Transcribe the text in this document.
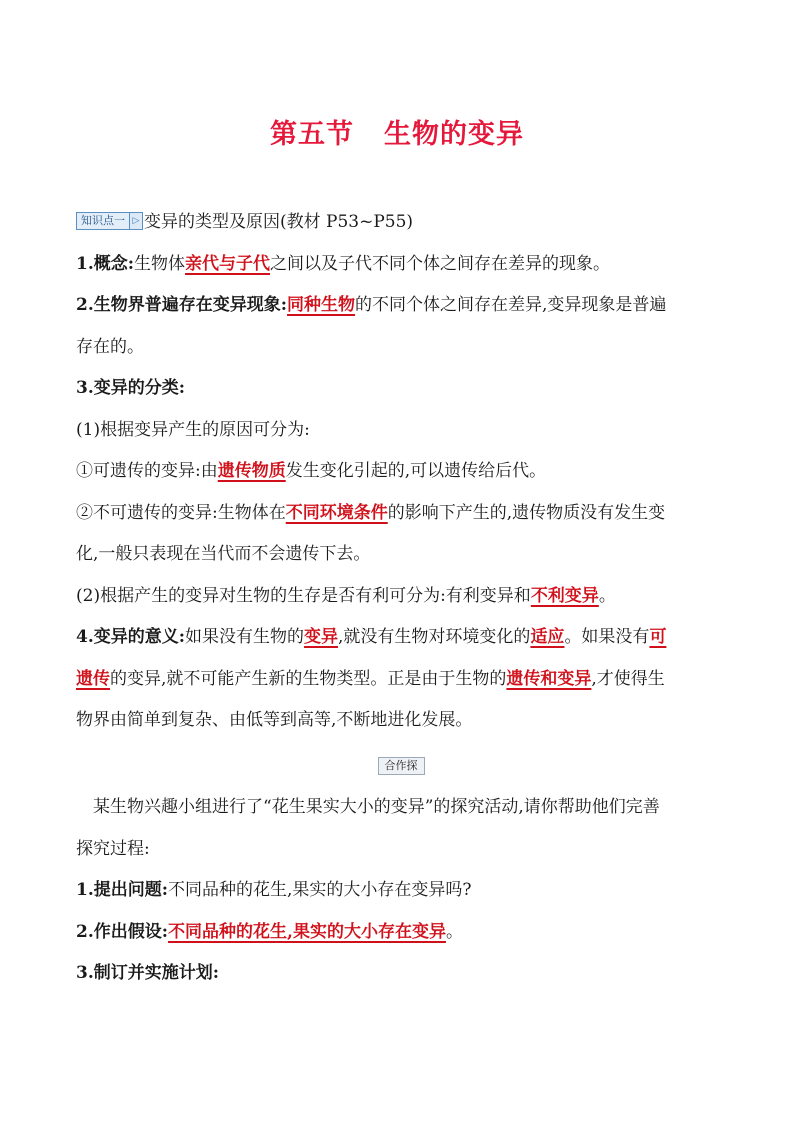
第五节 生物的变异
知识点一 ▷ 变异的类型及原因(教材 P53~P55)
1.概念:生物体亲代与子代之间以及子代不同个体之间存在差异的现象。
2.生物界普遍存在变异现象:同种生物的不同个体之间存在差异,变异现象是普遍
存在的。
3.变异的分类:
(1)根据变异产生的原因可分为:
①可遗传的变异:由遗传物质发生变化引起的,可以遗传给后代。
②不可遗传的变异:生物体在不同环境条件的影响下产生的,遗传物质没有发生变
化,一般只表现在当代而不会遗传下去。
(2)根据产生的变异对生物的生存是否有利可分为:有利变异和不利变异。
4.变异的意义:如果没有生物的变异,就没有生物对环境变化的适应。如果没有可
遗传的变异,就不可能产生新的生物类型。正是由于生物的遗传和变异,才使得生
物界由简单到复杂、由低等到高等,不断地进化发展。
合作探
某生物兴趣小组进行了“花生果实大小的变异”的探究活动,请你帮助他们完善
探究过程:
1.提出问题:不同品种的花生,果实的大小存在变异吗?
2.作出假设:不同品种的花生,果实的大小存在变异。
3.制订并实施计划:
